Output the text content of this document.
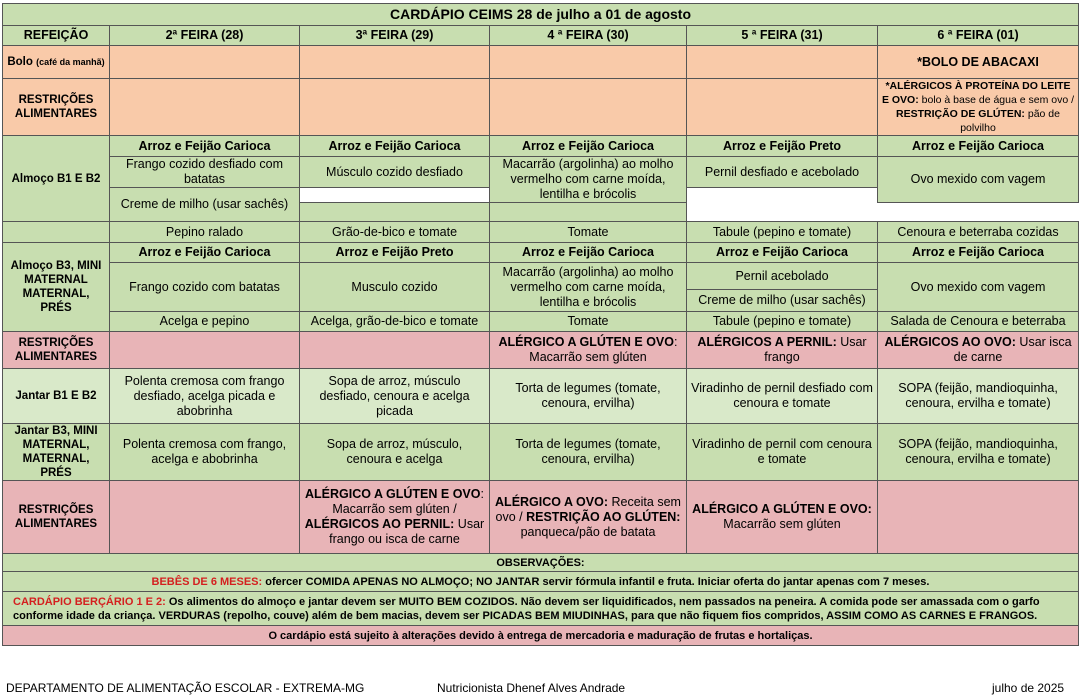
CARDÁPIO CEIMS 28 de julho a 01 de agosto					
REFEIÇÃO	2ª FEIRA (28)	3ª FEIRA (29)	4 ª FEIRA (30)	5 ª FEIRA (31)	6 ª FEIRA (01)
Bolo (café da manhã)					*BOLO DE ABACAXI
RESTRIÇÕES ALIMENTARES					*ALÉRGICOS À PROTEÍNA DO LEITE E OVO: bolo à base de água e sem ovo / RESTRIÇÃO DE GLÚTEN: pão de polvilho
Almoço B1 E B2	Arroz e Feijão Carioca	Arroz e Feijão Carioca	Arroz e Feijão Carioca	Arroz e Feijão Preto	Arroz e Feijão Carioca
	Frango cozido desfiado com batatas	Músculo cozido desfiado	Macarrão (argolinha) ao molho vermelho com carne moída, lentilha e brócolis	Pernil desfiado e acebolado	Ovo mexido com vagem

	Creme de milho (usar sachês)				

	Pepino ralado	Grão-de-bico e tomate	Tomate	Tabule (pepino e tomate)	Cenoura e beterraba cozidas
Almoço B3, MINI MATERNAL MATERNAL, PRÉS	Arroz e Feijão Carioca	Arroz e Feijão Preto	Arroz e Feijão Carioca	Arroz e Feijão Carioca	Arroz e Feijão Carioca
	Frango cozido com batatas	Musculo cozido	Macarrão (argolinha) ao molho vermelho com carne moída, lentilha e brócolis	Pernil acebolado	Ovo mexido com vagem
				Creme de milho (usar sachês)	

	Acelga e pepino	Acelga, grão-de-bico e tomate	Tomate	Tabule (pepino e tomate)	Salada de Cenoura e beterraba
RESTRIÇÕES ALIMENTARES			ALÉRGICO A GLÚTEN E OVO: Macarrão sem glúten	ALÉRGICOS A PERNIL: Usar frango	ALÉRGICOS AO OVO: Usar isca de carne
Jantar B1 E B2	Polenta cremosa com frango desfiado, acelga picada e abobrinha	Sopa de arroz, músculo desfiado, cenoura e acelga picada	Torta de legumes (tomate, cenoura, ervilha)	Viradinho de pernil desfiado com cenoura e tomate	SOPA (feijão, mandioquinha, cenoura, ervilha e tomate)
Jantar B3, MINI MATERNAL, MATERNAL, PRÉS	Polenta cremosa com frango, acelga e abobrinha	Sopa de arroz, músculo, cenoura e acelga	Torta de legumes (tomate, cenoura, ervilha)	Viradinho de pernil com cenoura e tomate	SOPA (feijão, mandioquinha, cenoura, ervilha e tomate)
RESTRIÇÕES ALIMENTARES		ALÉRGICO A GLÚTEN E OVO: Macarrão sem glúten / ALÉRGICOS AO PERNIL: Usar frango ou isca de carne	ALÉRGICO A OVO: Receita sem ovo / RESTRIÇÃO AO GLÚTEN: panqueca/pão de batata	ALÉRGICO A GLÚTEN E OVO: Macarrão sem glúten	
OBSERVAÇÕES:					
BEBÊS DE 6 MESES: ofercer COMIDA APENAS NO ALMOÇO; NO JANTAR servir fórmula infantil e fruta. Iniciar oferta do jantar apenas com 7 meses.					
CARDÁPIO BERÇÁRIO 1 E 2: Os alimentos do almoço e jantar devem ser MUITO BEM COZIDOS. Não devem ser liquidificados, nem passados na peneira. A comida pode ser amassada com o garfo conforme idade da criança. VERDURAS (repolho, couve) além de bem macias, devem ser PICADAS BEM MIUDINHAS, para que não fiquem fios compridos, ASSIM COMO AS CARNES E FRANGOS.					
O cardápio está sujeito à alterações devido à entrega de mercadoria e maduração de frutas e hortaliças.					
DEPARTAMENTO DE ALIMENTAÇÃO ESCOLAR - EXTREMA-MG	Nutricionista Dhenef Alves Andrade	julho de 2025
